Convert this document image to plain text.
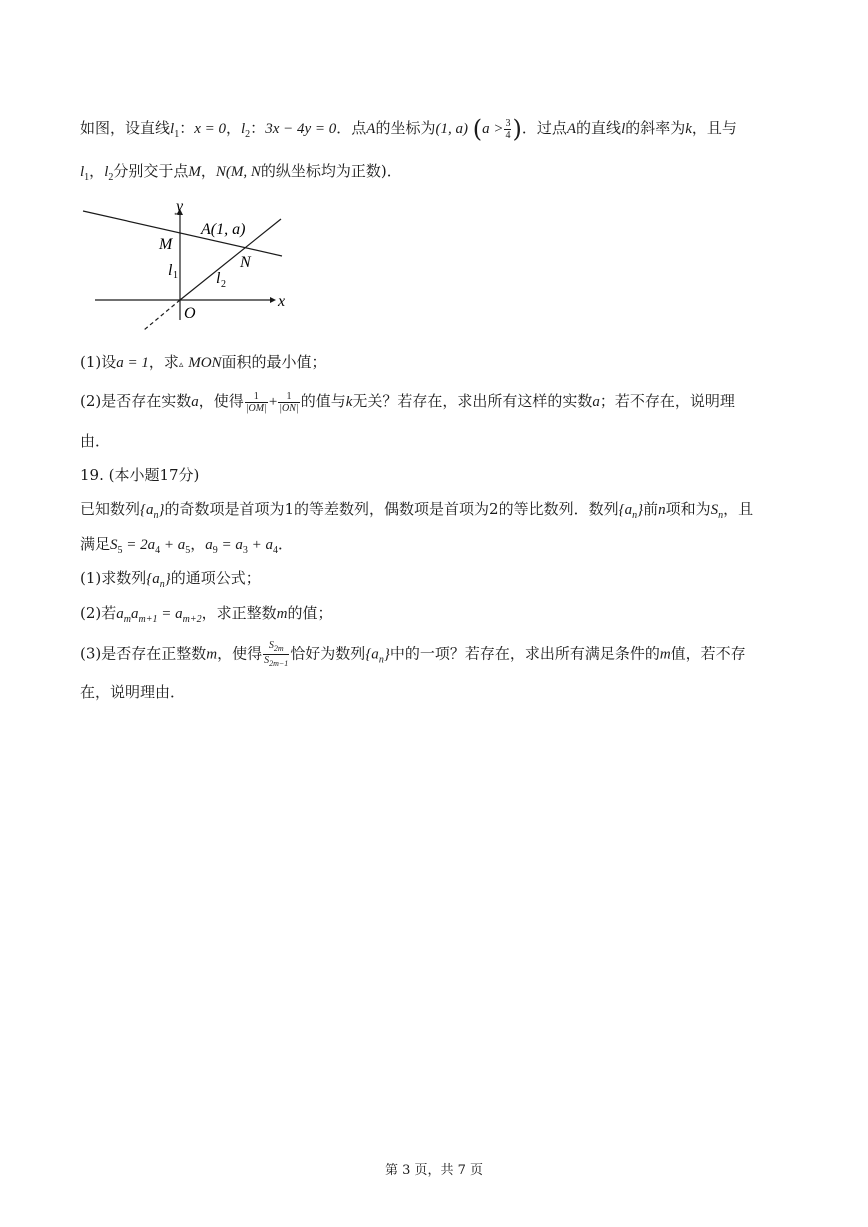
如图，设直线$l_1$：x = 0，$l_2$：3x − 4y = 0．点A的坐标为(1, a) ($a > \frac{3}{4}$ )．过点A的直线l的斜率为k，且与
$l_1$，$l_2$分别交于点M，N(M, N的纵坐标均为正数)．
y
x
A(1, a)
M
N
l 1 l 2
O
(1)设a = 1，求▵ MON面积的最小值；
(2)是否存在实数a，使得 $\frac{1}{|OM|} + \frac{1}{|ON|}$ 的值与k无关？若存在，求出所有这样的实数a；若不存在，说明理
由．
19. (本小题17分)
已知数列$\{a_n\}$的奇数项是首项为1的等差数列，偶数项是首项为2的等比数列．数列$\{a_n\}$前n项和为$S_n$，且
满足$S_5 = 2a_4 + a_5$，$a_9 = a_3 + a_4$．
(1)求数列$\{a_n\}$的通项公式；
(2)若$a_ma_{m+1} = a_{m+2}$，求正整数m的值；
(3)是否存在正整数m，使得 $\frac{S_{2m}}{S_{2m-1}}$ 恰好为数列$\{a_n\}$中的一项？若存在，求出所有满足条件的m值，若不存
在，说明理由．
第 3 页，共 7 页
